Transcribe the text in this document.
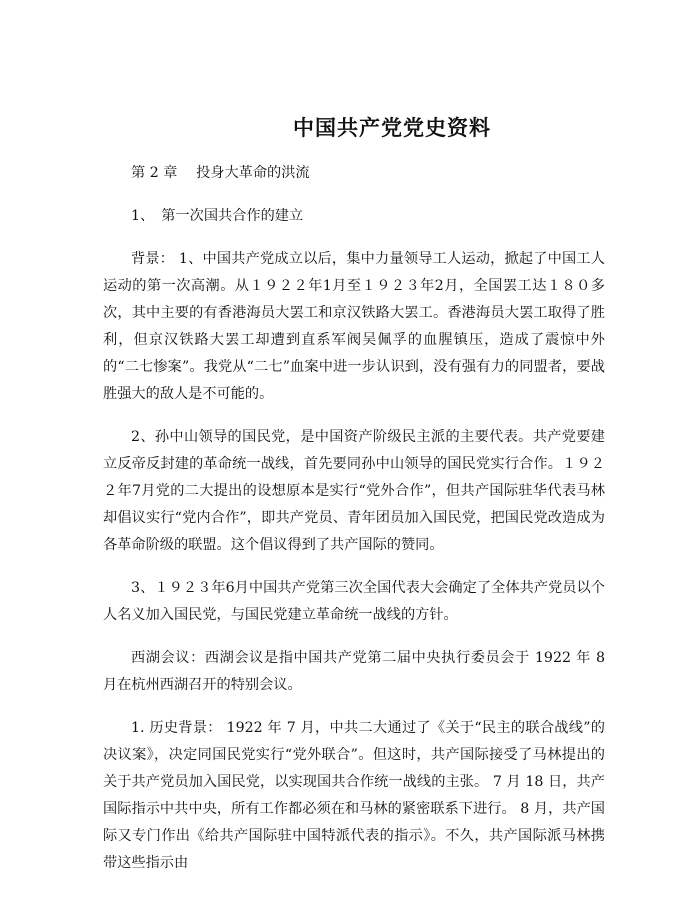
中国共产党党史资料

第 2 章　 投身大革命的洪流

1、　第一次国共合作的建立

背景： 1、中国共产党成立以后，集中力量领导工人运动，掀起了中国工人运动的第一次高潮。从１９２２年1月至１９２３年2月，全国罢工达１８０多次，其中主要的有香港海员大罢工和京汉铁路大罢工。香港海员大罢工取得了胜利，但京汉铁路大罢工却遭到直系军阀吴佩孚的血腥镇压，造成了震惊中外的“二七惨案”。我党从“二七”血案中进一步认识到，没有强有力的同盟者，要战胜强大的敌人是不可能的。

2、孙中山领导的国民党，是中国资产阶级民主派的主要代表。共产党要建立反帝反封建的革命统一战线，首先要同孙中山领导的国民党实行合作。１９２２年7月党的二大提出的设想原本是实行“党外合作”，但共产国际驻华代表马林却倡议实行“党内合作”，即共产党员、青年团员加入国民党，把国民党改造成为各革命阶级的联盟。这个倡议得到了共产国际的赞同。

3、１９２３年6月中国共产党第三次全国代表大会确定了全体共产党员以个人名义加入国民党，与国民党建立革命统一战线的方针。

西湖会议：西湖会议是指中国共产党第二届中央执行委员会于 1922 年 8 月在杭州西湖召开的特别会议。

1. 历史背景： 1922 年 7 月，中共二大通过了《关于“民主的联合战线”的决议案》，决定同国民党实行“党外联合”。但这时，共产国际接受了马林提出的关于共产党员加入国民党，以实现国共合作统一战线的主张。 7 月 18 日，共产国际指示中共中央，所有工作都必须在和马林的紧密联系下进行。 8 月，共产国际又专门作出《给共产国际驻中国特派代表的指示》。不久，共产国际派马林携带这些指示由
